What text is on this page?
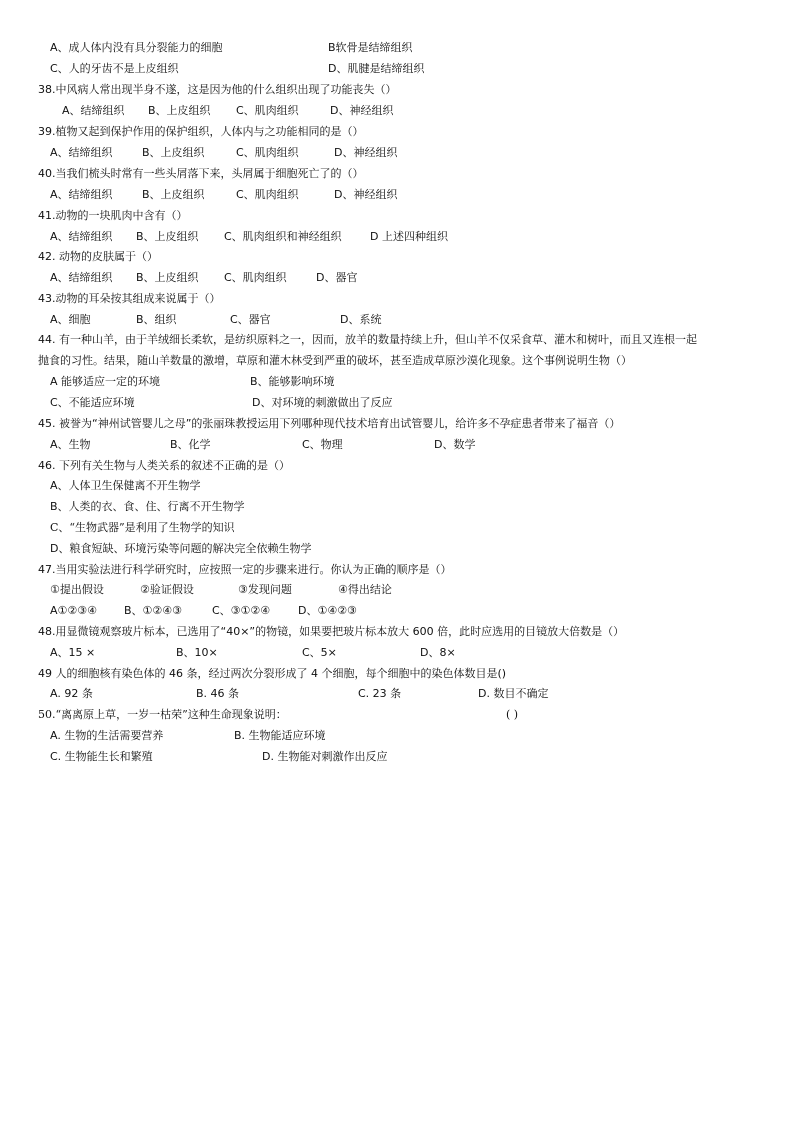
A、成人体内没有具分裂能力的细胞	B软骨是结缔组织
C、人的牙齿不是上皮组织	D、肌腱是结缔组织
38.中风病人常出现半身不遂，这是因为他的什么组织出现了功能丧失（）
A、结缔组织 B、上皮组织 C、肌肉组织	D、神经组织
39.植物又起到保护作用的保护组织，人体内与之功能相同的是（）
A、结缔组织	B、上皮组织	C、肌肉组织	D、神经组织
40.当我们梳头时常有一些头屑落下来，头屑属于细胞死亡了的（）
A、结缔组织	B、上皮组织	C、肌肉组织	D、神经组织
41.动物的一块肌肉中含有（）
A、结缔组织 B、上皮组织 C、肌肉组织和神经组织	D 上述四种组织
42. 动物的皮肤属于（）
A、结缔组织 B、上皮组织 C、肌肉组织	D、器官
43.动物的耳朵按其组成来说属于（）
A、细胞	B、组织	C、器官	D、系统
44. 有一种山羊，由于羊绒细长柔软，是纺织原料之一，因而，放羊的数量持续上升，但山羊不仅采食草、灌木和树叶，而且又连根一起
抛食的习性。结果，随山羊数量的激增，草原和灌木林受到严重的破坏，甚至造成草原沙漠化现象。这个事例说明生物（）
A 能够适应一定的环境	B、能够影响环境
C、不能适应环境	D、对环境的刺激做出了反应
45. 被誉为“神州试管婴儿之母”的张丽珠教授运用下列哪种现代技术培育出试管婴儿，给许多不孕症患者带来了福音（）
A、生物	B、化学	C、物理	D、数学
46. 下列有关生物与人类关系的叙述不正确的是（）
A、人体卫生保健离不开生物学
B、人类的衣、食、住、行离不开生物学
C、“生物武器”是利用了生物学的知识
D、粮食短缺、环境污染等问题的解决完全依赖生物学
47.当用实验法进行科学研究时，应按照一定的步骤来进行。你认为正确的顺序是（）
①提出假设	②验证假设	③发现问题	④得出结论
A①②③④ B、①②④③	C、③①②④	D、①④②③
48.用显微镜观察玻片标本，已选用了“40×”的物镜，如果要把玻片标本放大 600 倍，此时应选用的目镜放大倍数是（）
A、15 ×	B、10×	C、5×	D、8×
49 人的细胞核有染色体的 46 条，经过两次分裂形成了 4 个细胞，每个细胞中的染色体数目是()
A. 92 条	B. 46 条	C. 23 条	D. 数目不确定
50.“离离原上草，一岁一枯荣”这种生命现象说明：	( )
A. 生物的生活需要营养	B. 生物能适应环境
C. 生物能生长和繁殖	D. 生物能对刺激作出反应
